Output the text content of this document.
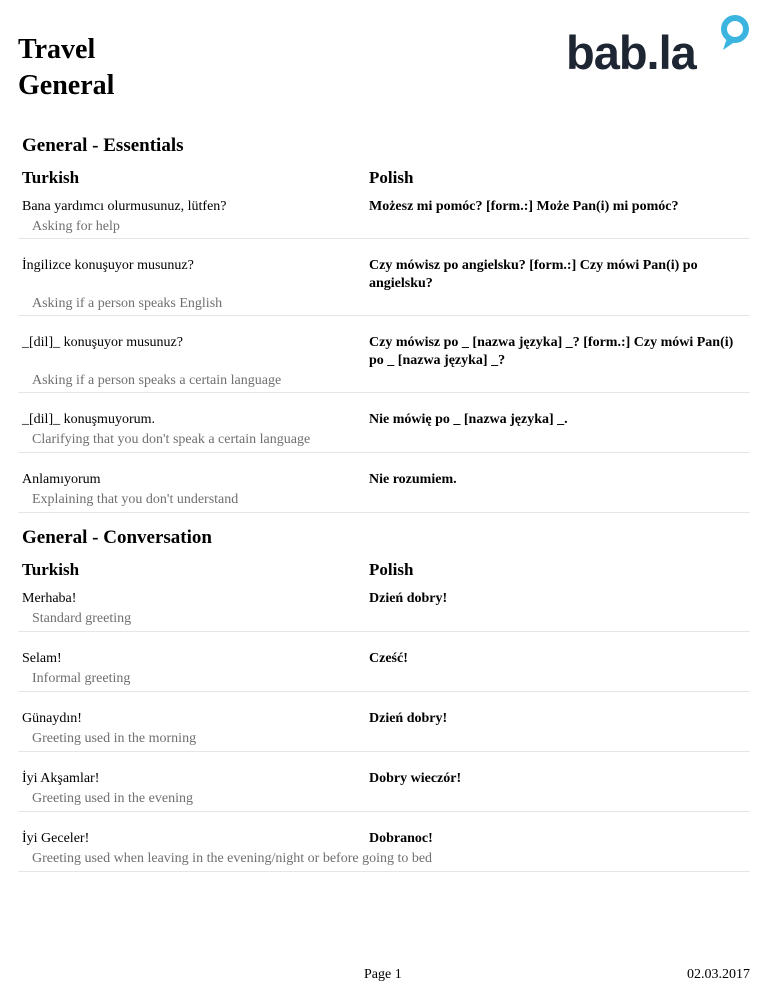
Travel
General
bab.la
General - Essentials
Turkish	Polish
Bana yardımcı olurmusunuz, lütfen?	Możesz mi pomóc? [form.:] Może Pan(i) mi pomóc?
Asking for help
İngilizce konuşuyor musunuz?	Czy mówisz po angielsku? [form.:] Czy mówi Pan(i) po angielsku?
Asking if a person speaks English
_[dil]_ konuşuyor musunuz?	Czy mówisz po _ [nazwa języka] _? [form.:] Czy mówi Pan(i) po _ [nazwa języka] _?
Asking if a person speaks a certain language
_[dil]_ konuşmuyorum.	Nie mówię po _ [nazwa języka] _.
Clarifying that you don't speak a certain language
Anlamıyorum	Nie rozumiem.
Explaining that you don't understand
General - Conversation
Turkish	Polish
Merhaba!	Dzień dobry!
Standard greeting
Selam!	Cześć!
Informal greeting
Günaydın!	Dzień dobry!
Greeting used in the morning
İyi Akşamlar!	Dobry wieczór!
Greeting used in the evening
İyi Geceler!	Dobranoc!
Greeting used when leaving in the evening/night or before going to bed
Page 1	02.03.2017
